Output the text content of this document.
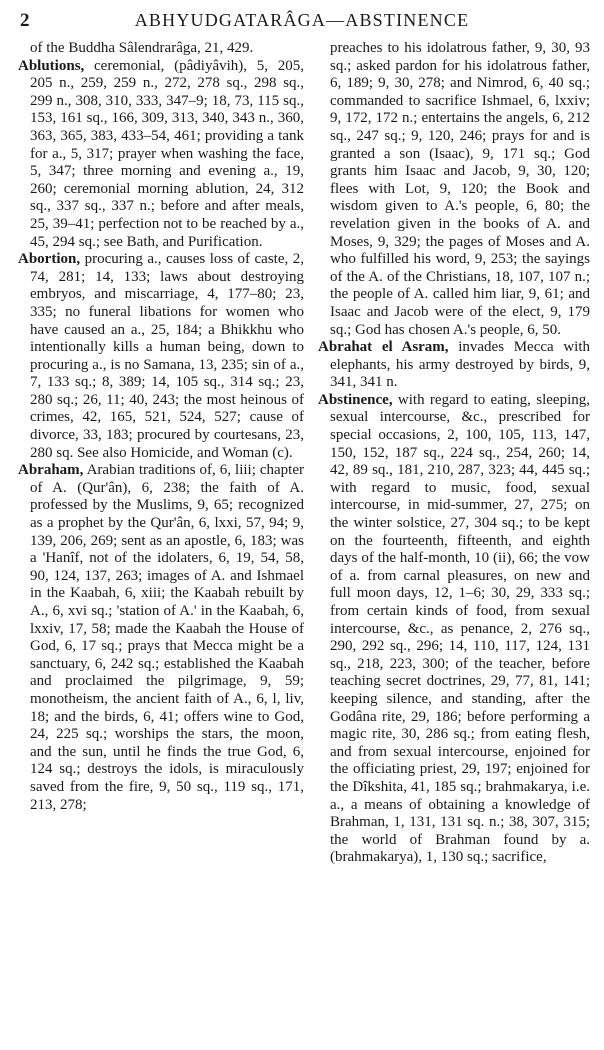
2	ABHYUDGATARÂGA—ABSTINENCE

of the Buddha Sâlendrarâga, 21, 429.

Ablutions, ceremonial, (pâdiyâvih), 5, 205, 205 n., 259, 259 n., 272, 278 sq., 298 sq., 299 n., 308, 310, 333, 347–9; 18, 73, 115 sq., 153, 161 sq., 166, 309, 313, 340, 343 n., 360, 363, 365, 383, 433–54, 461; providing a tank for a., 5, 317; prayer when washing the face, 5, 347; three morning and evening a., 19, 260; ceremonial morning ablution, 24, 312 sq., 337 sq., 337 n.; before and after meals, 25, 39–41; perfection not to be reached by a., 45, 294 sq.; see Bath, and Purification.

Abortion, procuring a., causes loss of caste, 2, 74, 281; 14, 133; laws about destroying embryos, and miscarriage, 4, 177–80; 23, 335; no funeral libations for women who have caused an a., 25, 184; a Bhikkhu who intentionally kills a human being, down to procuring a., is no Samana, 13, 235; sin of a., 7, 133 sq.; 8, 389; 14, 105 sq., 314 sq.; 23, 280 sq.; 26, 11; 40, 243; the most heinous of crimes, 42, 165, 521, 524, 527; cause of divorce, 33, 183; procured by courtesans, 23, 280 sq. See also Homicide, and Woman (c).

Abraham, Arabian traditions of, 6, liii; chapter of A. (Qur'ân), 6, 238; the faith of A. professed by the Muslims, 9, 65; recognized as a prophet by the Qur'ân, 6, lxxi, 57, 94; 9, 139, 206, 269; sent as an apostle, 6, 183; was a 'Hanîf, not of the idolaters, 6, 19, 54, 58, 90, 124, 137, 263; images of A. and Ishmael in the Kaabah, 6, xiii; the Kaabah rebuilt by A., 6, xvi sq.; 'station of A.' in the Kaabah, 6, lxxiv, 17, 58; made the Kaabah the House of God, 6, 17 sq.; prays that Mecca might be a sanctuary, 6, 242 sq.; established the Kaabah and proclaimed the pilgrimage, 9, 59; monotheism, the ancient faith of A., 6, l, liv, 18; and the birds, 6, 41; offers wine to God, 24, 225 sq.; worships the stars, the moon, and the sun, until he finds the true God, 6, 124 sq.; destroys the idols, is miraculously saved from the fire, 9, 50 sq., 119 sq., 171, 213, 278;

preaches to his idolatrous father, 9, 30, 93 sq.; asked pardon for his idolatrous father, 6, 189; 9, 30, 278; and Nimrod, 6, 40 sq.; commanded to sacrifice Ishmael, 6, lxxiv; 9, 172, 172 n.; entertains the angels, 6, 212 sq., 247 sq.; 9, 120, 246; prays for and is granted a son (Isaac), 9, 171 sq.; God grants him Isaac and Jacob, 9, 30, 120; flees with Lot, 9, 120; the Book and wisdom given to A.'s people, 6, 80; the revelation given in the books of A. and Moses, 9, 329; the pages of Moses and A. who fulfilled his word, 9, 253; the sayings of the A. of the Christians, 18, 107, 107 n.; the people of A. called him liar, 9, 61; and Isaac and Jacob were of the elect, 9, 179 sq.; God has chosen A.'s people, 6, 50.

Abrahat el Asram, invades Mecca with elephants, his army destroyed by birds, 9, 341, 341 n.

Abstinence, with regard to eating, sleeping, sexual intercourse, &c., prescribed for special occasions, 2, 100, 105, 113, 147, 150, 152, 187 sq., 224 sq., 254, 260; 14, 42, 89 sq., 181, 210, 287, 323; 44, 445 sq.; with regard to music, food, sexual intercourse, in mid-summer, 27, 275; on the winter solstice, 27, 304 sq.; to be kept on the fourteenth, fifteenth, and eighth days of the half-month, 10 (ii), 66; the vow of a. from carnal pleasures, on new and full moon days, 12, 1–6; 30, 29, 333 sq.; from certain kinds of food, from sexual intercourse, &c., as penance, 2, 276 sq., 290, 292 sq., 296; 14, 110, 117, 124, 131 sq., 218, 223, 300; of the teacher, before teaching secret doctrines, 29, 77, 81, 141; keeping silence, and standing, after the Godâna rite, 29, 186; before performing a magic rite, 30, 286 sq.; from eating flesh, and from sexual intercourse, enjoined for the officiating priest, 29, 197; enjoined for the Dîkshita, 41, 185 sq.; brahmakarya, i.e. a., a means of obtaining a knowledge of Brahman, 1, 131, 131 sq. n.; 38, 307, 315; the world of Brahman found by a. (brahmakarya), 1, 130 sq.; sacrifice,
